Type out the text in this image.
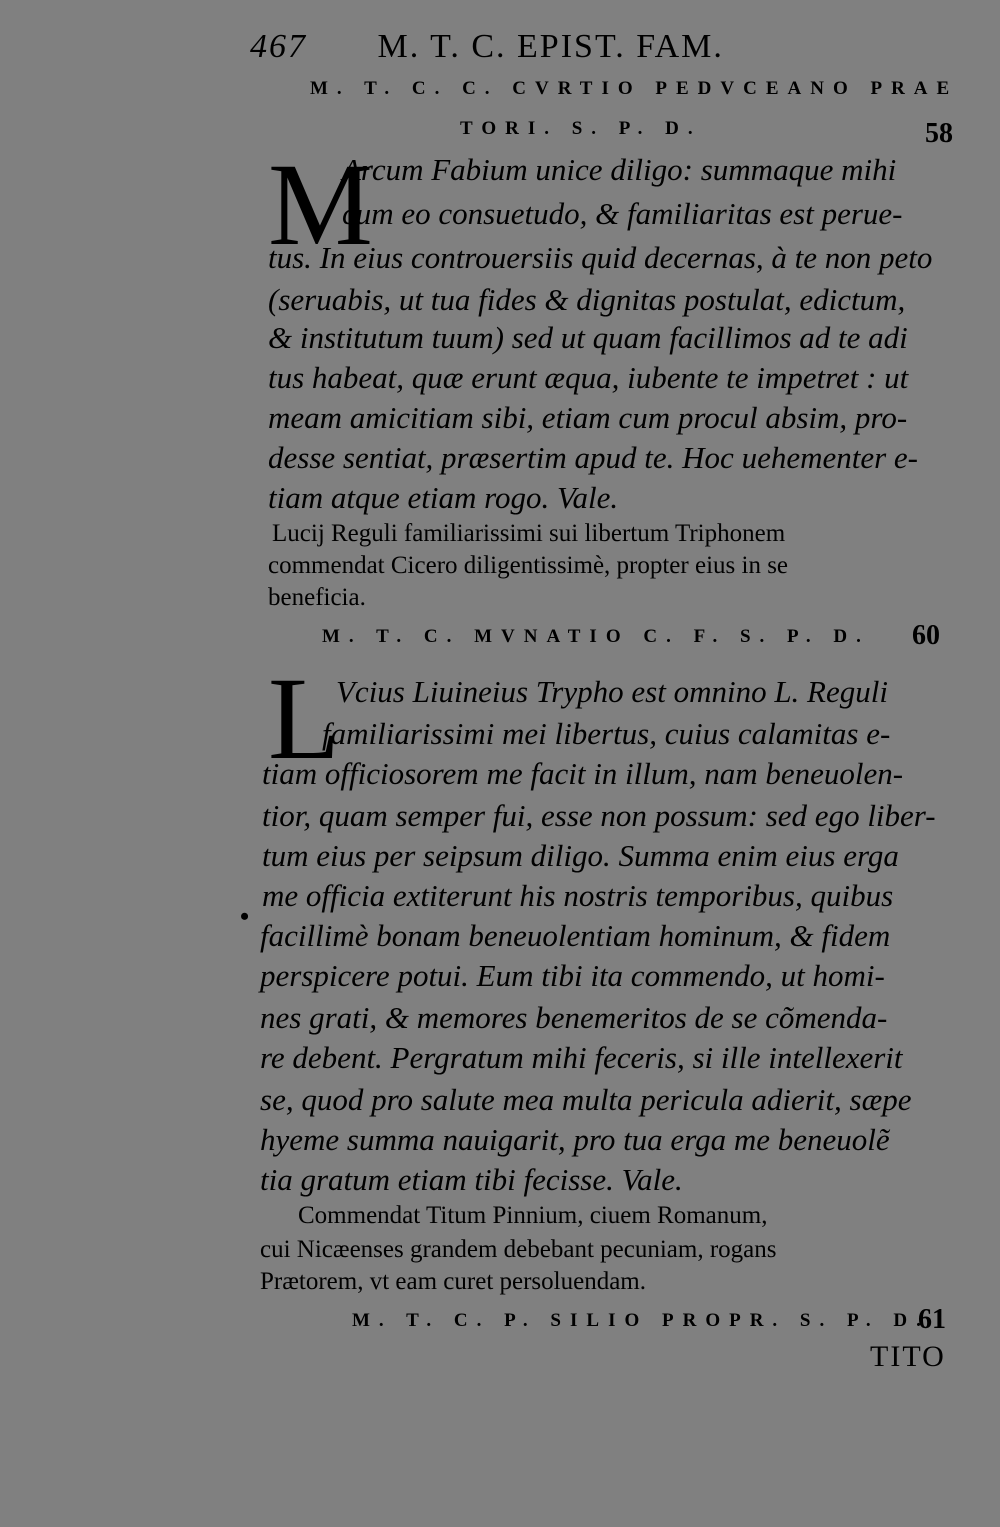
467 M. T. C. EPIST. FAM.
M. T. C. C. CVRTIO PEDVCEANO PRAE
TORI. S. P. D.	58
M
Arcum Fabium unice diligo: summaque mihi
cum eo consuetudo, & familiaritas est perue-
tus. In eius controuersiis quid decernas, à te non peto
(seruabis, ut tua fides & dignitas postulat, edictum,
& institutum tuum) sed ut quam facillimos ad te adi
tus habeat, quæ erunt æqua, iubente te impetret : ut
meam amicitiam sibi, etiam cum procul absim, pro-
desse sentiat, præsertim apud te. Hoc uehementer e-
tiam atque etiam rogo. Vale.
Lucij Reguli familiarissimi sui libertum Triphonem
commendat Cicero diligentissimè, propter eius in se
beneficia.
M. T. C. MVNATIO C. F. S. P. D. 60
L
Vcius Liuineius Trypho est omnino L. Reguli
familiarissimi mei libertus, cuius calamitas e-
tiam officiosorem me facit in illum, nam beneuolen-
tior, quam semper fui, esse non possum: sed ego liber-
tum eius per seipsum diligo. Summa enim eius erga
me officia extiterunt his nostris temporibus, quibus
•
facillimè bonam beneuolentiam hominum, & fidem
perspicere potui. Eum tibi ita commendo, ut homi-
nes grati, & memores benemeritos de se cõmenda-
re debent. Pergratum mihi feceris, si ille intellexerit
se, quod pro salute mea multa pericula adierit, sæpe
hyeme summa nauigarit, pro tua erga me beneuolẽ
tia gratum etiam tibi fecisse. Vale.
Commendat Titum Pinnium, ciuem Romanum,
cui Nicæenses grandem debebant pecuniam, rogans
Prætorem, vt eam curet persoluendam.
M. T. C. P. SILIO PROPR. S. P. D.
61
TITO
